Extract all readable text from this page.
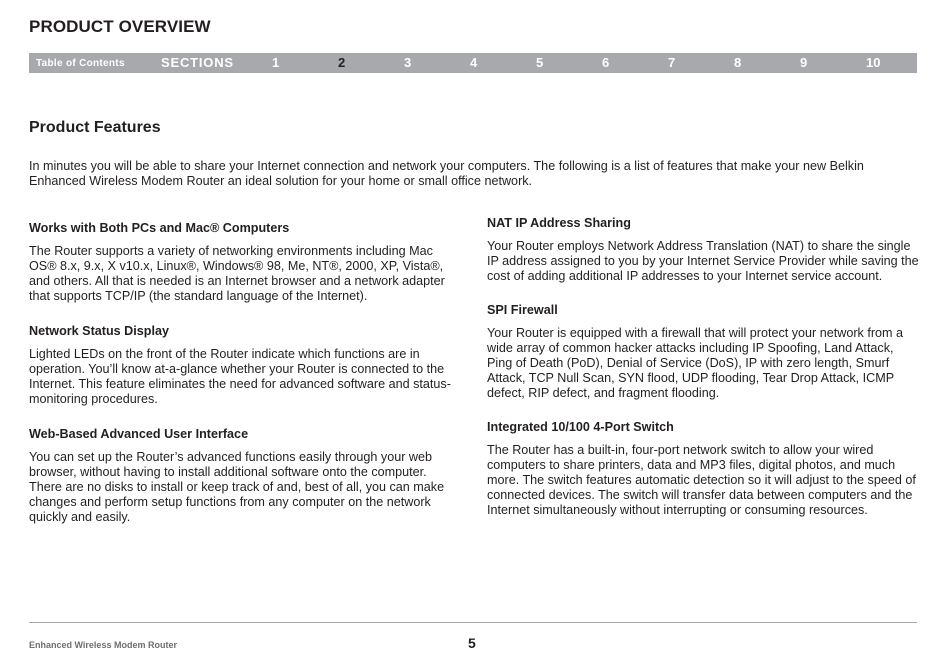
PRODUCT OVERVIEW
Table of Contents	SECTIONS	1	2	3	4	5	6	7	8	9	10
Product Features

In minutes you will be able to share your Internet connection and network your computers. The following is a list of features that make your new Belkin Enhanced Wireless Modem Router an ideal solution for your home or small office network.

Works with Both PCs and Mac® Computers

The Router supports a variety of networking environments including Mac OS® 8.x, 9.x, X v10.x, Linux®, Windows® 98, Me, NT®, 2000, XP, Vista®, and others. All that is needed is an Internet browser and a network adapter that supports TCP/IP (the standard language of the Internet).

Network Status Display

Lighted LEDs on the front of the Router indicate which functions are in operation. You’ll know at-a-glance whether your Router is connected to the Internet. This feature eliminates the need for advanced software and status-monitoring procedures.

Web-Based Advanced User Interface

You can set up the Router’s advanced functions easily through your web browser, without having to install additional software onto the computer. There are no disks to install or keep track of and, best of all, you can make changes and perform setup functions from any computer on the network quickly and easily.

NAT IP Address Sharing

Your Router employs Network Address Translation (NAT) to share the single IP address assigned to you by your Internet Service Provider while saving the cost of adding additional IP addresses to your Internet service account.

SPI Firewall

Your Router is equipped with a firewall that will protect your network from a wide array of common hacker attacks including IP Spoofing, Land Attack, Ping of Death (PoD), Denial of Service (DoS), IP with zero length, Smurf Attack, TCP Null Scan, SYN flood, UDP flooding, Tear Drop Attack, ICMP defect, RIP defect, and fragment flooding.

Integrated 10/100 4-Port Switch

The Router has a built-in, four-port network switch to allow your wired computers to share printers, data and MP3 files, digital photos, and much more. The switch features automatic detection so it will adjust to the speed of connected devices. The switch will transfer data between computers and the Internet simultaneously without interrupting or consuming resources.

Enhanced Wireless Modem Router	5
